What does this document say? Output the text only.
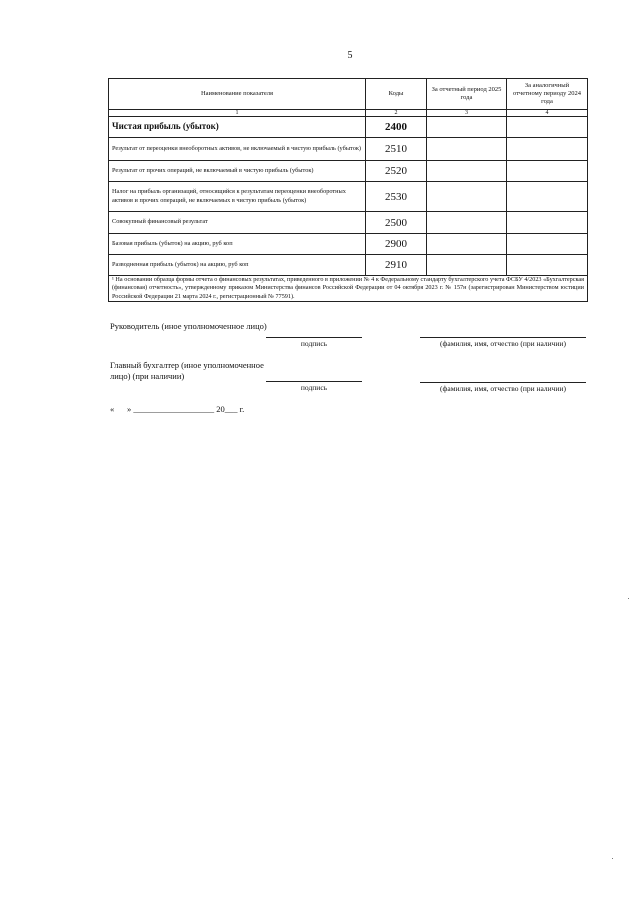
5
Наименование показателя	Коды	За отчетный период 2025 года	За аналогичный отчетному периоду 2024 года
1	2	3	4
Чистая прибыль (убыток)	2400		
Результат от переоценки внеоборотных активов, не включаемый в чистую прибыль (убыток)	2510		
Результат от прочих операций, не включаемый в чистую прибыль (убыток)	2520		
Налог на прибыль организаций, относящийся к результатам переоценки внеоборотных активов и прочих операций, не включаемых в чистую прибыль (убыток)	2530		
Совокупный финансовый результат	2500		
Базовая прибыль (убыток) на акцию, руб коп	2900		
Разводненная прибыль (убыток) на акцию, руб коп	2910		
¹ На основании образца формы отчета о финансовых результатах, приведенного в приложении № 4 к Федеральному стандарту бухгалтерского учета ФСБУ 4/2023 «Бухгалтерская (финансовая) отчетность», утвержденному приказом Министерства финансов Российской Федерации от 04 октября 2023 г. № 157н (зарегистрирован Министерством юстиции Российской Федерации 21 марта 2024 г., регистрационный № 77591).			
Руководитель (иное уполномоченное лицо)
подпись	(фамилия, имя, отчество (при наличии)
Главный бухгалтер (иное уполномоченное
лицо) (при наличии)
подпись	(фамилия, имя, отчество (при наличии)
«      » ___________________ 20___ г.
